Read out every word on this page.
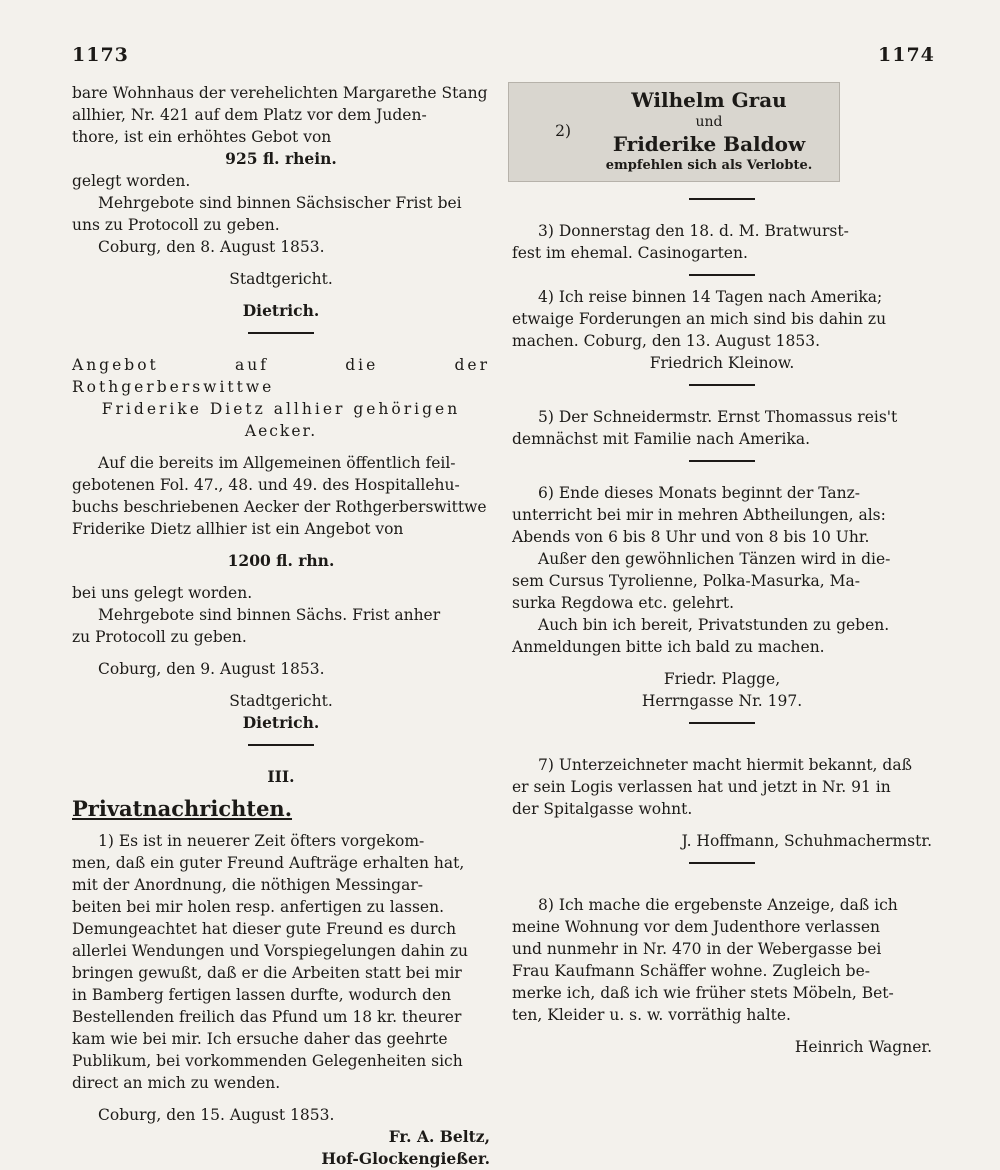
1173	1174

bare Wohnhaus der verehelichten Margarethe Stang

allhier, Nr. 421 auf dem Platz vor dem Juden-

thore, ist ein erhöhtes Gebot von

925 fl. rhein.

gelegt worden.

Mehrgebote sind binnen Sächsischer Frist bei

uns zu Protocoll zu geben.

Coburg, den 8. August 1853.

Stadtgericht.

Dietrich.

Angebot auf die der Rothgerberswittwe

Friderike Dietz allhier gehörigen

Aecker.

Auf die bereits im Allgemeinen öffentlich feil-

gebotenen Fol. 47., 48. und 49. des Hospitallehu-

buchs beschriebenen Aecker der Rothgerberswittwe

Friderike Dietz allhier ist ein Angebot von

1200 fl. rhn.

bei uns gelegt worden.

Mehrgebote sind binnen Sächs. Frist anher

zu Protocoll zu geben.

Coburg, den 9. August 1853.

Stadtgericht.

Dietrich.

III.

Privatnachrichten.

1) Es ist in neuerer Zeit öfters vorgekom-

men, daß ein guter Freund Aufträge erhalten hat,

mit der Anordnung, die nöthigen Messingar-

beiten bei mir holen resp. anfertigen zu lassen.

Demungeachtet hat dieser gute Freund es durch

allerlei Wendungen und Vorspiegelungen dahin zu

bringen gewußt, daß er die Arbeiten statt bei mir

in Bamberg fertigen lassen durfte, wodurch den

Bestellenden freilich das Pfund um 18 kr. theurer

kam wie bei mir. Ich ersuche daher das geehrte

Publikum, bei vorkommenden Gelegenheiten sich

direct an mich zu wenden.

Coburg, den 15. August 1853.

Fr. A. Beltz,

Hof-Glockengießer.

2)
Wilhelm Grau
und
Friderike Baldow
empfehlen sich als Verlobte.

3) Donnerstag den 18. d. M. Bratwurst-

fest im ehemal. Casinogarten.

4) Ich reise binnen 14 Tagen nach Amerika;

etwaige Forderungen an mich sind bis dahin zu

machen. Coburg, den 13. August 1853.

Friedrich Kleinow.

5) Der Schneidermstr. Ernst Thomassus reis't

demnächst mit Familie nach Amerika.

6) Ende dieses Monats beginnt der Tanz-

unterricht bei mir in mehren Abtheilungen, als:

Abends von 6 bis 8 Uhr und von 8 bis 10 Uhr.

Außer den gewöhnlichen Tänzen wird in die-

sem Cursus Tyrolienne, Polka-Masurka, Ma-

surka Regdowa etc. gelehrt.

Auch bin ich bereit, Privatstunden zu geben.

Anmeldungen bitte ich bald zu machen.

Friedr. Plagge,

Herrngasse Nr. 197.

7) Unterzeichneter macht hiermit bekannt, daß

er sein Logis verlassen hat und jetzt in Nr. 91 in

der Spitalgasse wohnt.

J. Hoffmann, Schuhmachermstr.

8) Ich mache die ergebenste Anzeige, daß ich

meine Wohnung vor dem Judenthore verlassen

und nunmehr in Nr. 470 in der Webergasse bei

Frau Kaufmann Schäffer wohne. Zugleich be-

merke ich, daß ich wie früher stets Möbeln, Bet-

ten, Kleider u. s. w. vorräthig halte.

Heinrich Wagner.
